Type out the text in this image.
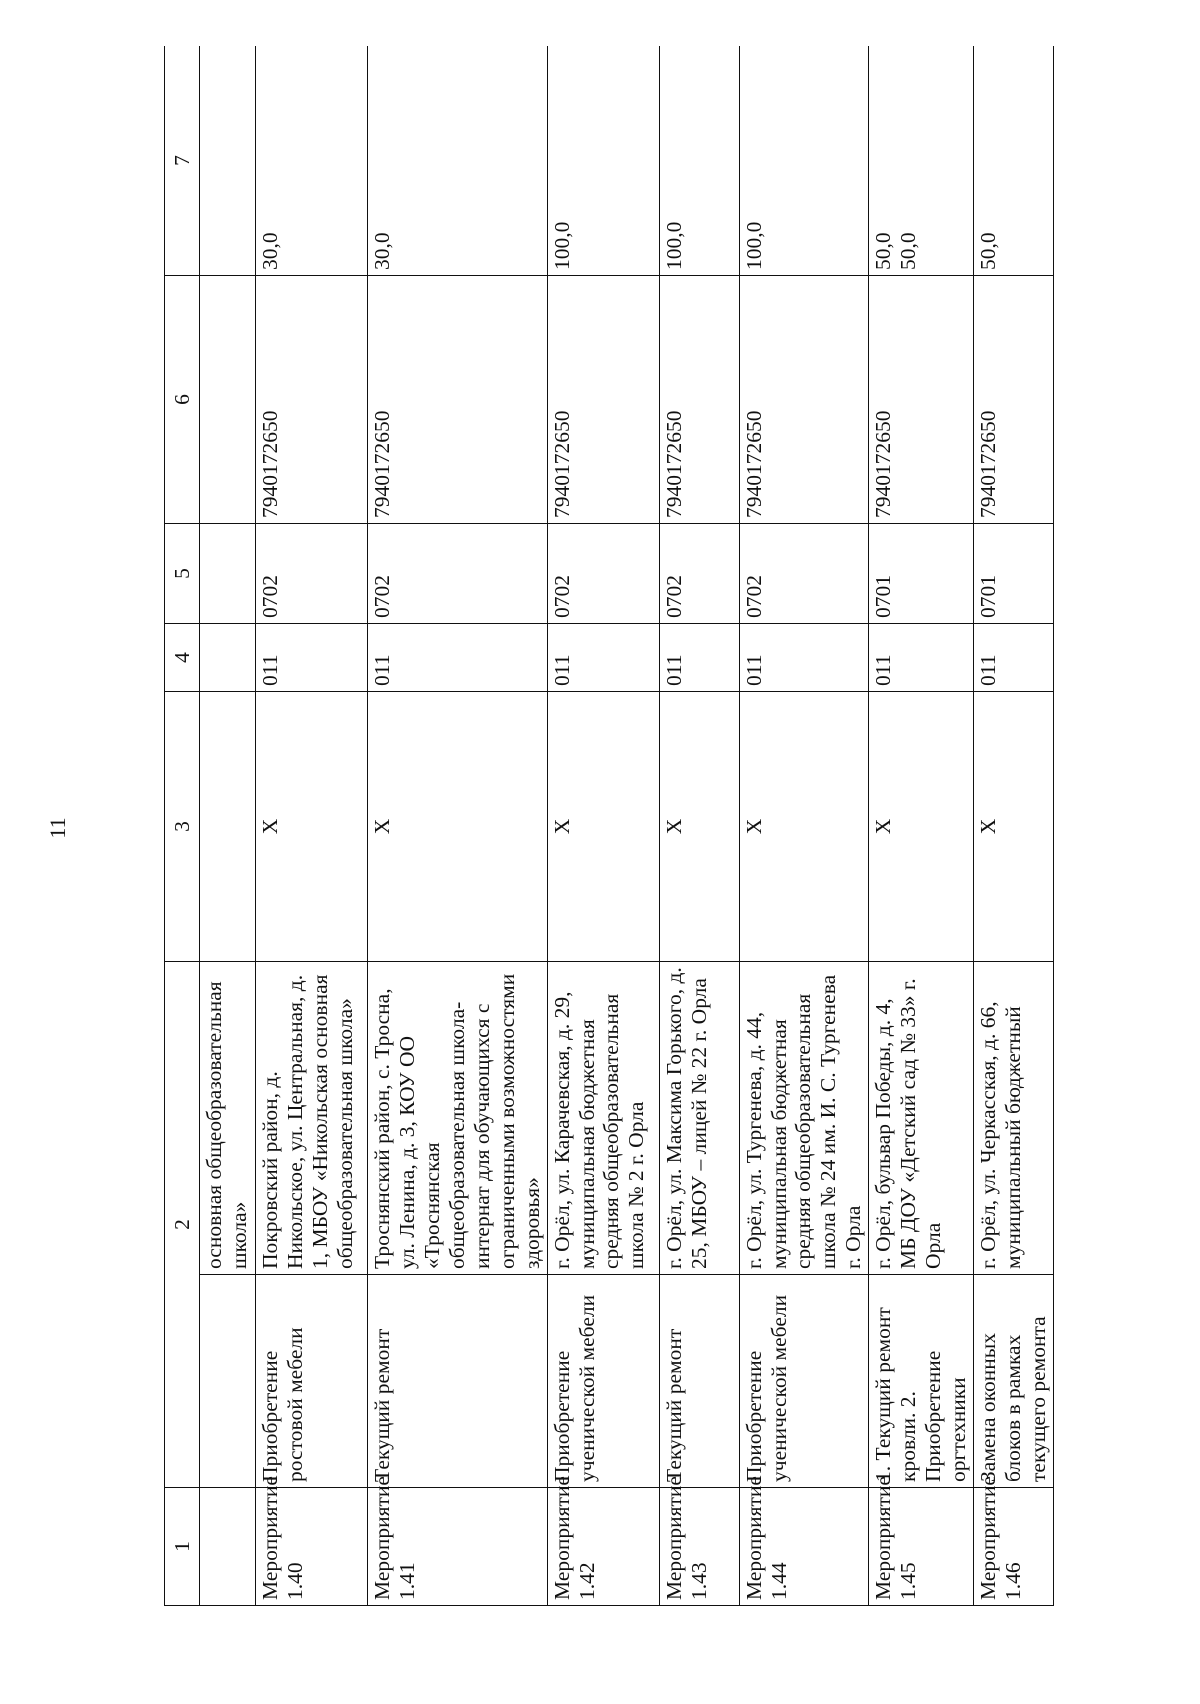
11
1	2		3	4	5	6	7
		основная общеобразовательная школа»					
Мероприятие 1.40	Приобретение ростовой мебели	Покровский район, д. Никольское, ул. Центральная, д. 1, МБОУ «Никольская основная общеобразовательная школа»	Х	011	0702	7940172650	30,0

Мероприятие 1.41	Текущий ремонт	Троснянский район, с. Тросна, ул. Ленина, д. 3, КОУ ОО «Троснянская общеобразовательная школа-интернат для обучающихся с ограниченными возможностями здоровья»	Х	011	0702	7940172650	30,0

Мероприятие 1.42	Приобретение ученической мебели	г. Орёл, ул. Карачевская, д. 29, муниципальная бюджетная средняя общеобразовательная школа № 2 г. Орла	Х	011	0702	7940172650	100,0

Мероприятие 1.43	Текущий ремонт	г. Орёл, ул. Максима Горького, д. 25, МБОУ – лицей № 22 г. Орла	Х	011	0702	7940172650	100,0

Мероприятие 1.44	Приобретение ученической мебели	г. Орёл, ул. Тургенева, д. 44, муниципальная бюджетная средняя общеобразовательная школа № 24 им. И. С. Тургенева г. Орла	Х	011	0702	7940172650	100,0

Мероприятие 1.45	1. Текущий ремонт кровли. 2. Приобретение оргтехники	г. Орёл, бульвар Победы, д. 4, МБ ДОУ «Детский сад № 33» г. Орла	Х	011	0701	7940172650	50,0 50,0

Мероприятие 1.46	Замена оконных блоков в рамках текущего ремонта	г. Орёл, ул. Черкасская, д. 66, муниципальный бюджетный	Х	011	0701	7940172650	50,0
